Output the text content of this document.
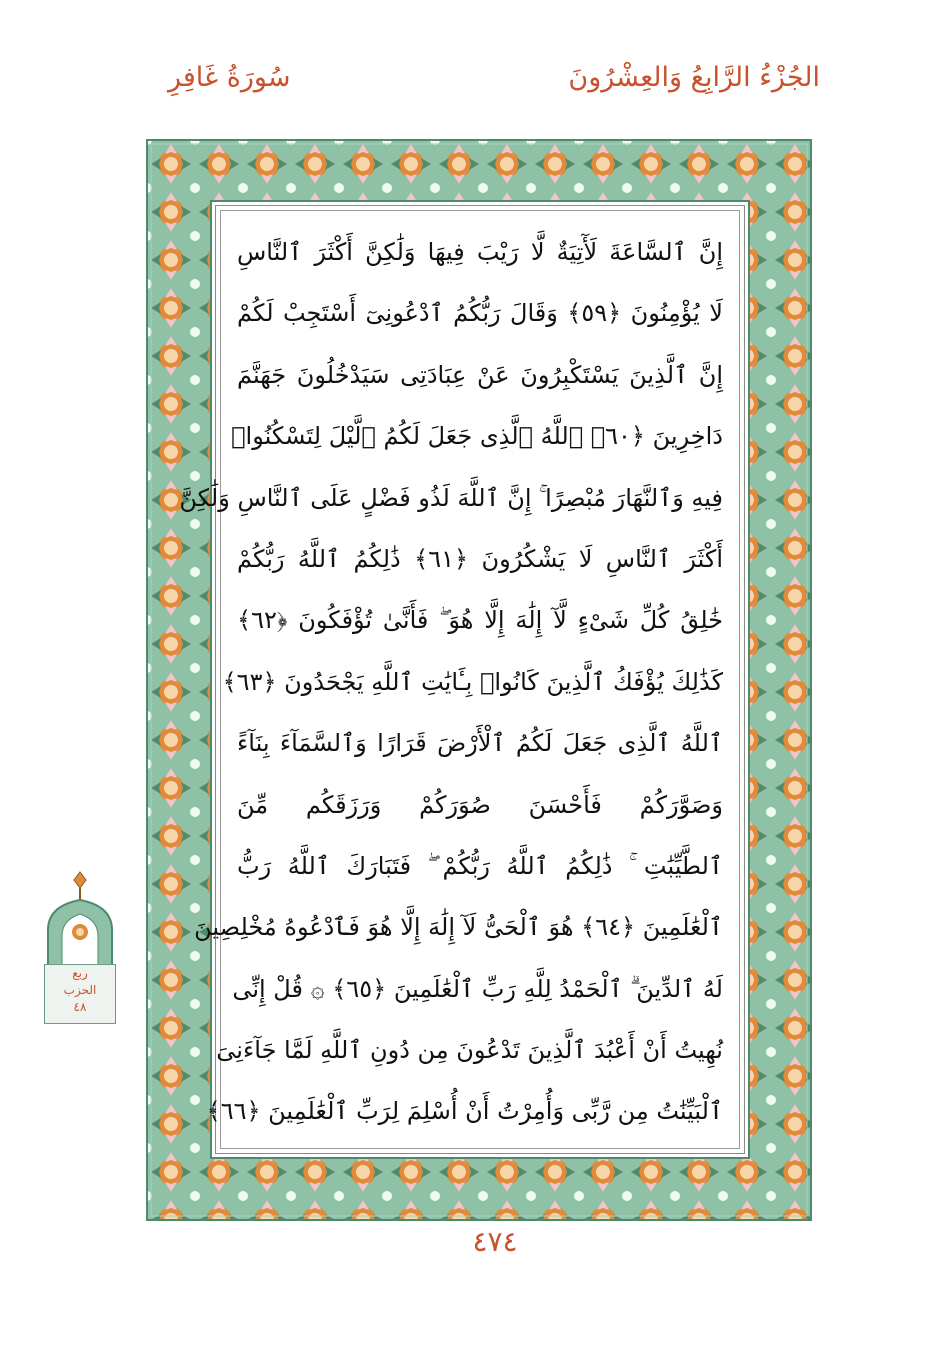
الجُزْءُ الرَّابِعُ وَالعِشْرُونَ
سُورَةُ غَافِرِ
إِنَّ ٱلسَّاعَةَ لَأٓتِيَةٌ لَّا رَيْبَ فِيهَا وَلَٰكِنَّ أَكْثَرَ ٱلنَّاسِ
لَا يُؤْمِنُونَ ﴿٥٩﴾ وَقَالَ رَبُّكُمُ ٱدْعُونِىٓ أَسْتَجِبْ لَكُمْ
إِنَّ ٱلَّذِينَ يَسْتَكْبِرُونَ عَنْ عِبَادَتِى سَيَدْخُلُونَ جَهَنَّمَ
دَاخِرِينَ ﴿٦٠﴾ ٱللَّهُ ٱلَّذِى جَعَلَ لَكُمُ ٱلَّيْلَ لِتَسْكُنُوا۟
فِيهِ وَٱلنَّهَارَ مُبْصِرًا ۚ إِنَّ ٱللَّهَ لَذُو فَضْلٍ عَلَى ٱلنَّاسِ وَلَٰكِنَّ
أَكْثَرَ ٱلنَّاسِ لَا يَشْكُرُونَ ﴿٦١﴾ ذَٰلِكُمُ ٱللَّهُ رَبُّكُمْ
خَٰلِقُ كُلِّ شَىْءٍ لَّآ إِلَٰهَ إِلَّا هُوَ ۖ فَأَنَّىٰ تُؤْفَكُونَ ﴿٦٢﴾
كَذَٰلِكَ يُؤْفَكُ ٱلَّذِينَ كَانُوا۟ بِـَٔايَٰتِ ٱللَّهِ يَجْحَدُونَ ﴿٦٣﴾
ٱللَّهُ ٱلَّذِى جَعَلَ لَكُمُ ٱلْأَرْضَ قَرَارًا وَٱلسَّمَآءَ بِنَآءً
وَصَوَّرَكُمْ فَأَحْسَنَ صُوَرَكُمْ وَرَزَقَكُم مِّنَ
ٱلطَّيِّبَٰتِ ۚ ذَٰلِكُمُ ٱللَّهُ رَبُّكُمْ ۖ فَتَبَارَكَ ٱللَّهُ رَبُّ
ٱلْعَٰلَمِينَ ﴿٦٤﴾ هُوَ ٱلْحَىُّ لَآ إِلَٰهَ إِلَّا هُوَ فَٱدْعُوهُ مُخْلِصِينَ
لَهُ ٱلدِّينَ ۗ ٱلْحَمْدُ لِلَّهِ رَبِّ ٱلْعَٰلَمِينَ ﴿٦٥﴾ ۞ قُلْ إِنِّى
نُهِيتُ أَنْ أَعْبُدَ ٱلَّذِينَ تَدْعُونَ مِن دُونِ ٱللَّهِ لَمَّا جَآءَنِىَ
ٱلْبَيِّنَٰتُ مِن رَّبِّى وَأُمِرْتُ أَنْ أُسْلِمَ لِرَبِّ ٱلْعَٰلَمِينَ ﴿٦٦﴾
ربع
الحزب
٤٨
٤٧٤
